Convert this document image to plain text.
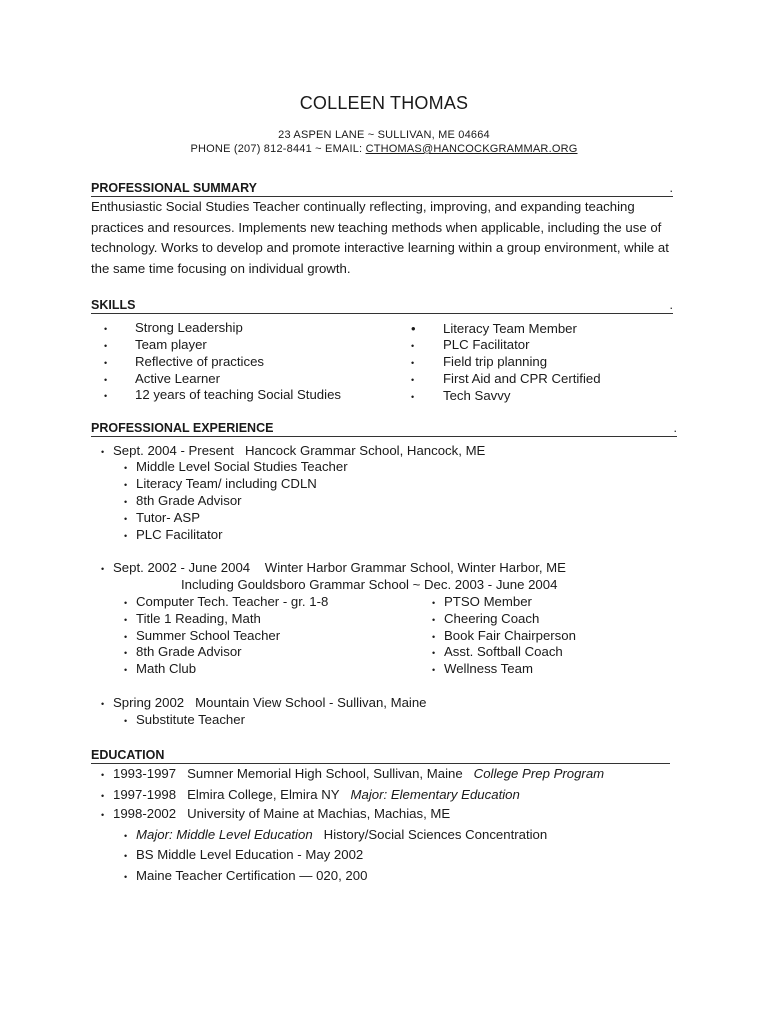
COLLEEN THOMAS
23 ASPEN LANE ~ SULLIVAN, ME 04664
PHONE (207) 812-8441 ~ EMAIL: CTHOMAS@HANCOCKGRAMMAR.ORG
PROFESSIONAL SUMMARY	.
Enthusiastic Social Studies Teacher continually reflecting, improving, and expanding teaching practices and resources. Implements new teaching methods when applicable, including the use of technology. Works to develop and promote interactive learning within a group environment, while at the same time focusing on individual growth.
SKILLS	.
• Strong Leadership
• Team player
• Reflective of practices
• Active Learner
• 12 years of teaching Social Studies
• Literacy Team Member
• PLC Facilitator
• Field trip planning
• First Aid and CPR Certified
• Tech Savvy
PROFESSIONAL EXPERIENCE	.
• Sept. 2004 - Present Hancock Grammar School, Hancock, ME
• Middle Level Social Studies Teacher
• Literacy Team/ including CDLN
• 8th Grade Advisor
• Tutor- ASP
• PLC Facilitator
• Sept. 2002 - June 2004 Winter Harbor Grammar School, Winter Harbor, ME
Including Gouldsboro Grammar School ~ Dec. 2003 - June 2004
• Computer Tech. Teacher - gr. 1-8
• Title 1 Reading, Math
• Summer School Teacher
• 8th Grade Advisor
• Math Club
• PTSO Member
• Cheering Coach
• Book Fair Chairperson
• Asst. Softball Coach
• Wellness Team
• Spring 2002 Mountain View School - Sullivan, Maine
• Substitute Teacher
EDUCATION
• 1993-1997 Sumner Memorial High School, Sullivan, Maine College Prep Program
• 1997-1998 Elmira College, Elmira NY Major: Elementary Education
• 1998-2002 University of Maine at Machias, Machias, ME
• Major: Middle Level Education History/Social Sciences Concentration
• BS Middle Level Education - May 2002
• Maine Teacher Certification — 020, 200
